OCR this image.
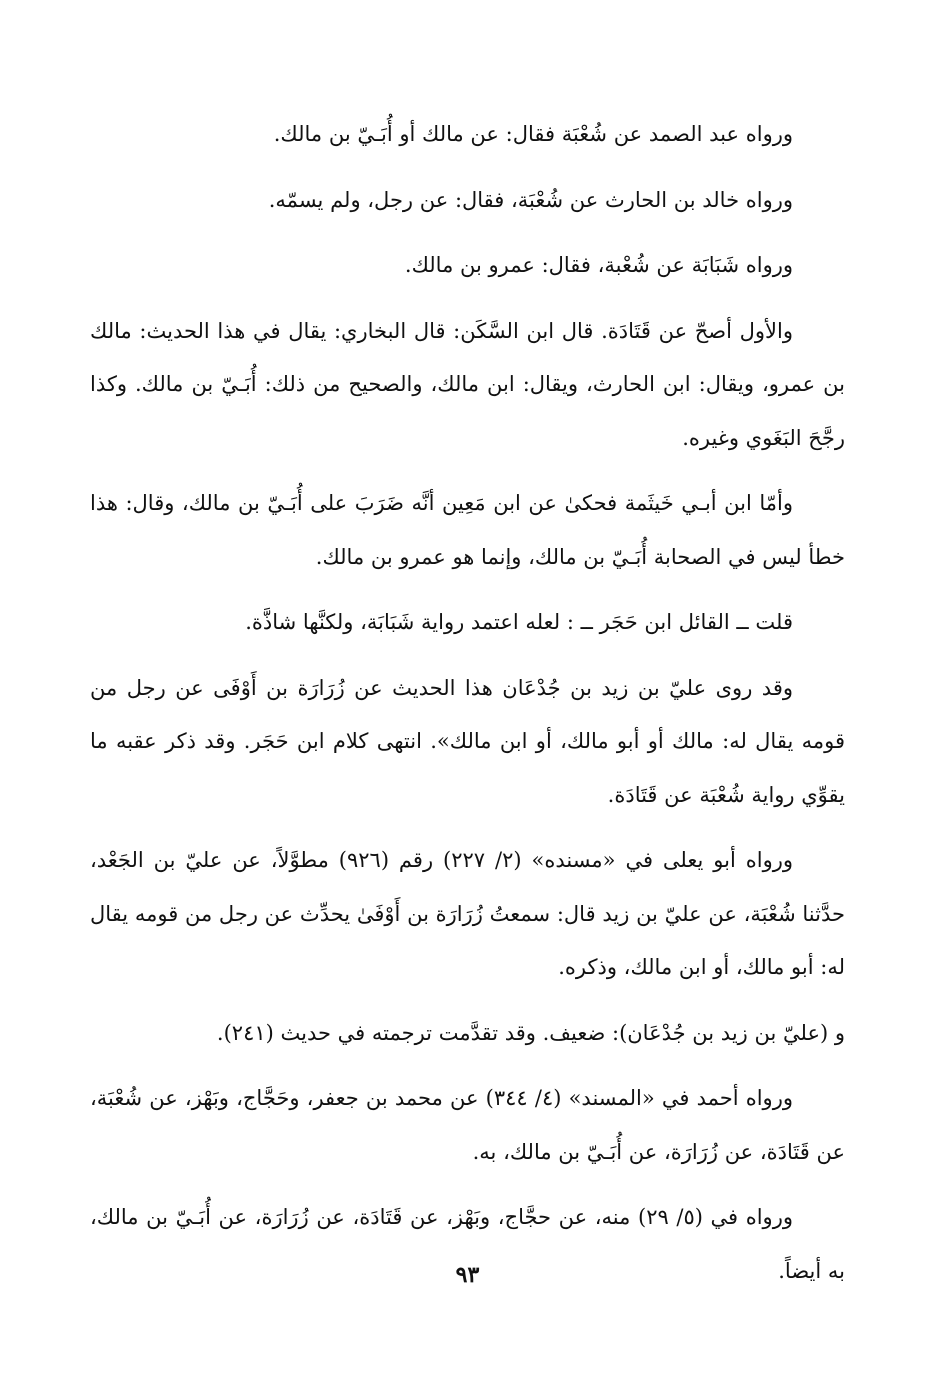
ورواه عبد الصمد عن شُعْبَة فقال: عن مالك أو أُبَـيّ بن مالك.

ورواه خالد بن الحارث عن شُعْبَة، فقال: عن رجل، ولم يسمّه.

ورواه شَبَابَة عن شُعْبة، فقال: عمرو بن مالك.

والأول أصحّ عن قَتَادَة. قال ابن السَّكَن: قال البخاري: يقال في هذا الحديث: مالك بن عمرو، ويقال: ابن الحارث، ويقال: ابن مالك، والصحيح من ذلك: أُبَـيّ بن مالك. وكذا رجَّحَ البَغَوي وغيره.

وأمّا ابن أبـي خَيثَمة فحكىٰ عن ابن مَعِين أنَّه ضَرَبَ على أُبَـيّ بن مالك، وقال: هذا خطأ ليس في الصحابة أُبَـيّ بن مالك، وإنما هو عمرو بن مالك.

قلت ــ القائل ابن حَجَر ــ : لعله اعتمد رواية شَبَابَة، ولكنَّها شاذَّة.

وقد روى عليّ بن زيد بن جُدْعَان هذا الحديث عن زُرَارَة بن أَوْفَى عن رجل من قومه يقال له: مالك أو أبو مالك، أو ابن مالك». انتهى كلام ابن حَجَر. وقد ذكر عقبه ما يقوِّي رواية شُعْبَة عن قَتَادَة.

ورواه أبو يعلى في «مسنده» (٢/ ٢٢٧) رقم (٩٢٦) مطوَّلاً، عن عليّ بن الجَعْد، حدَّثنا شُعْبَة، عن عليّ بن زيد قال: سمعتُ زُرَارَة بن أَوْفَىٰ يحدِّث عن رجل من قومه يقال له: أبو مالك، أو ابن مالك، وذكره.

و (عليّ بن زيد بن جُدْعَان): ضعيف. وقد تقدَّمت ترجمته في حديث (٢٤١).

ورواه أحمد في «المسند» (٤/ ٣٤٤) عن محمد بن جعفر، وحَجَّاج، وبَهْز، عن شُعْبَة، عن قَتَادَة، عن زُرَارَة، عن أُبَـيّ بن مالك، به.

ورواه في (٥/ ٢٩) منه، عن حجَّاج، وبَهْز، عن قَتَادَة، عن زُرَارَة، عن أُبَـيّ بن مالك، به أيضاً.

٩٣
